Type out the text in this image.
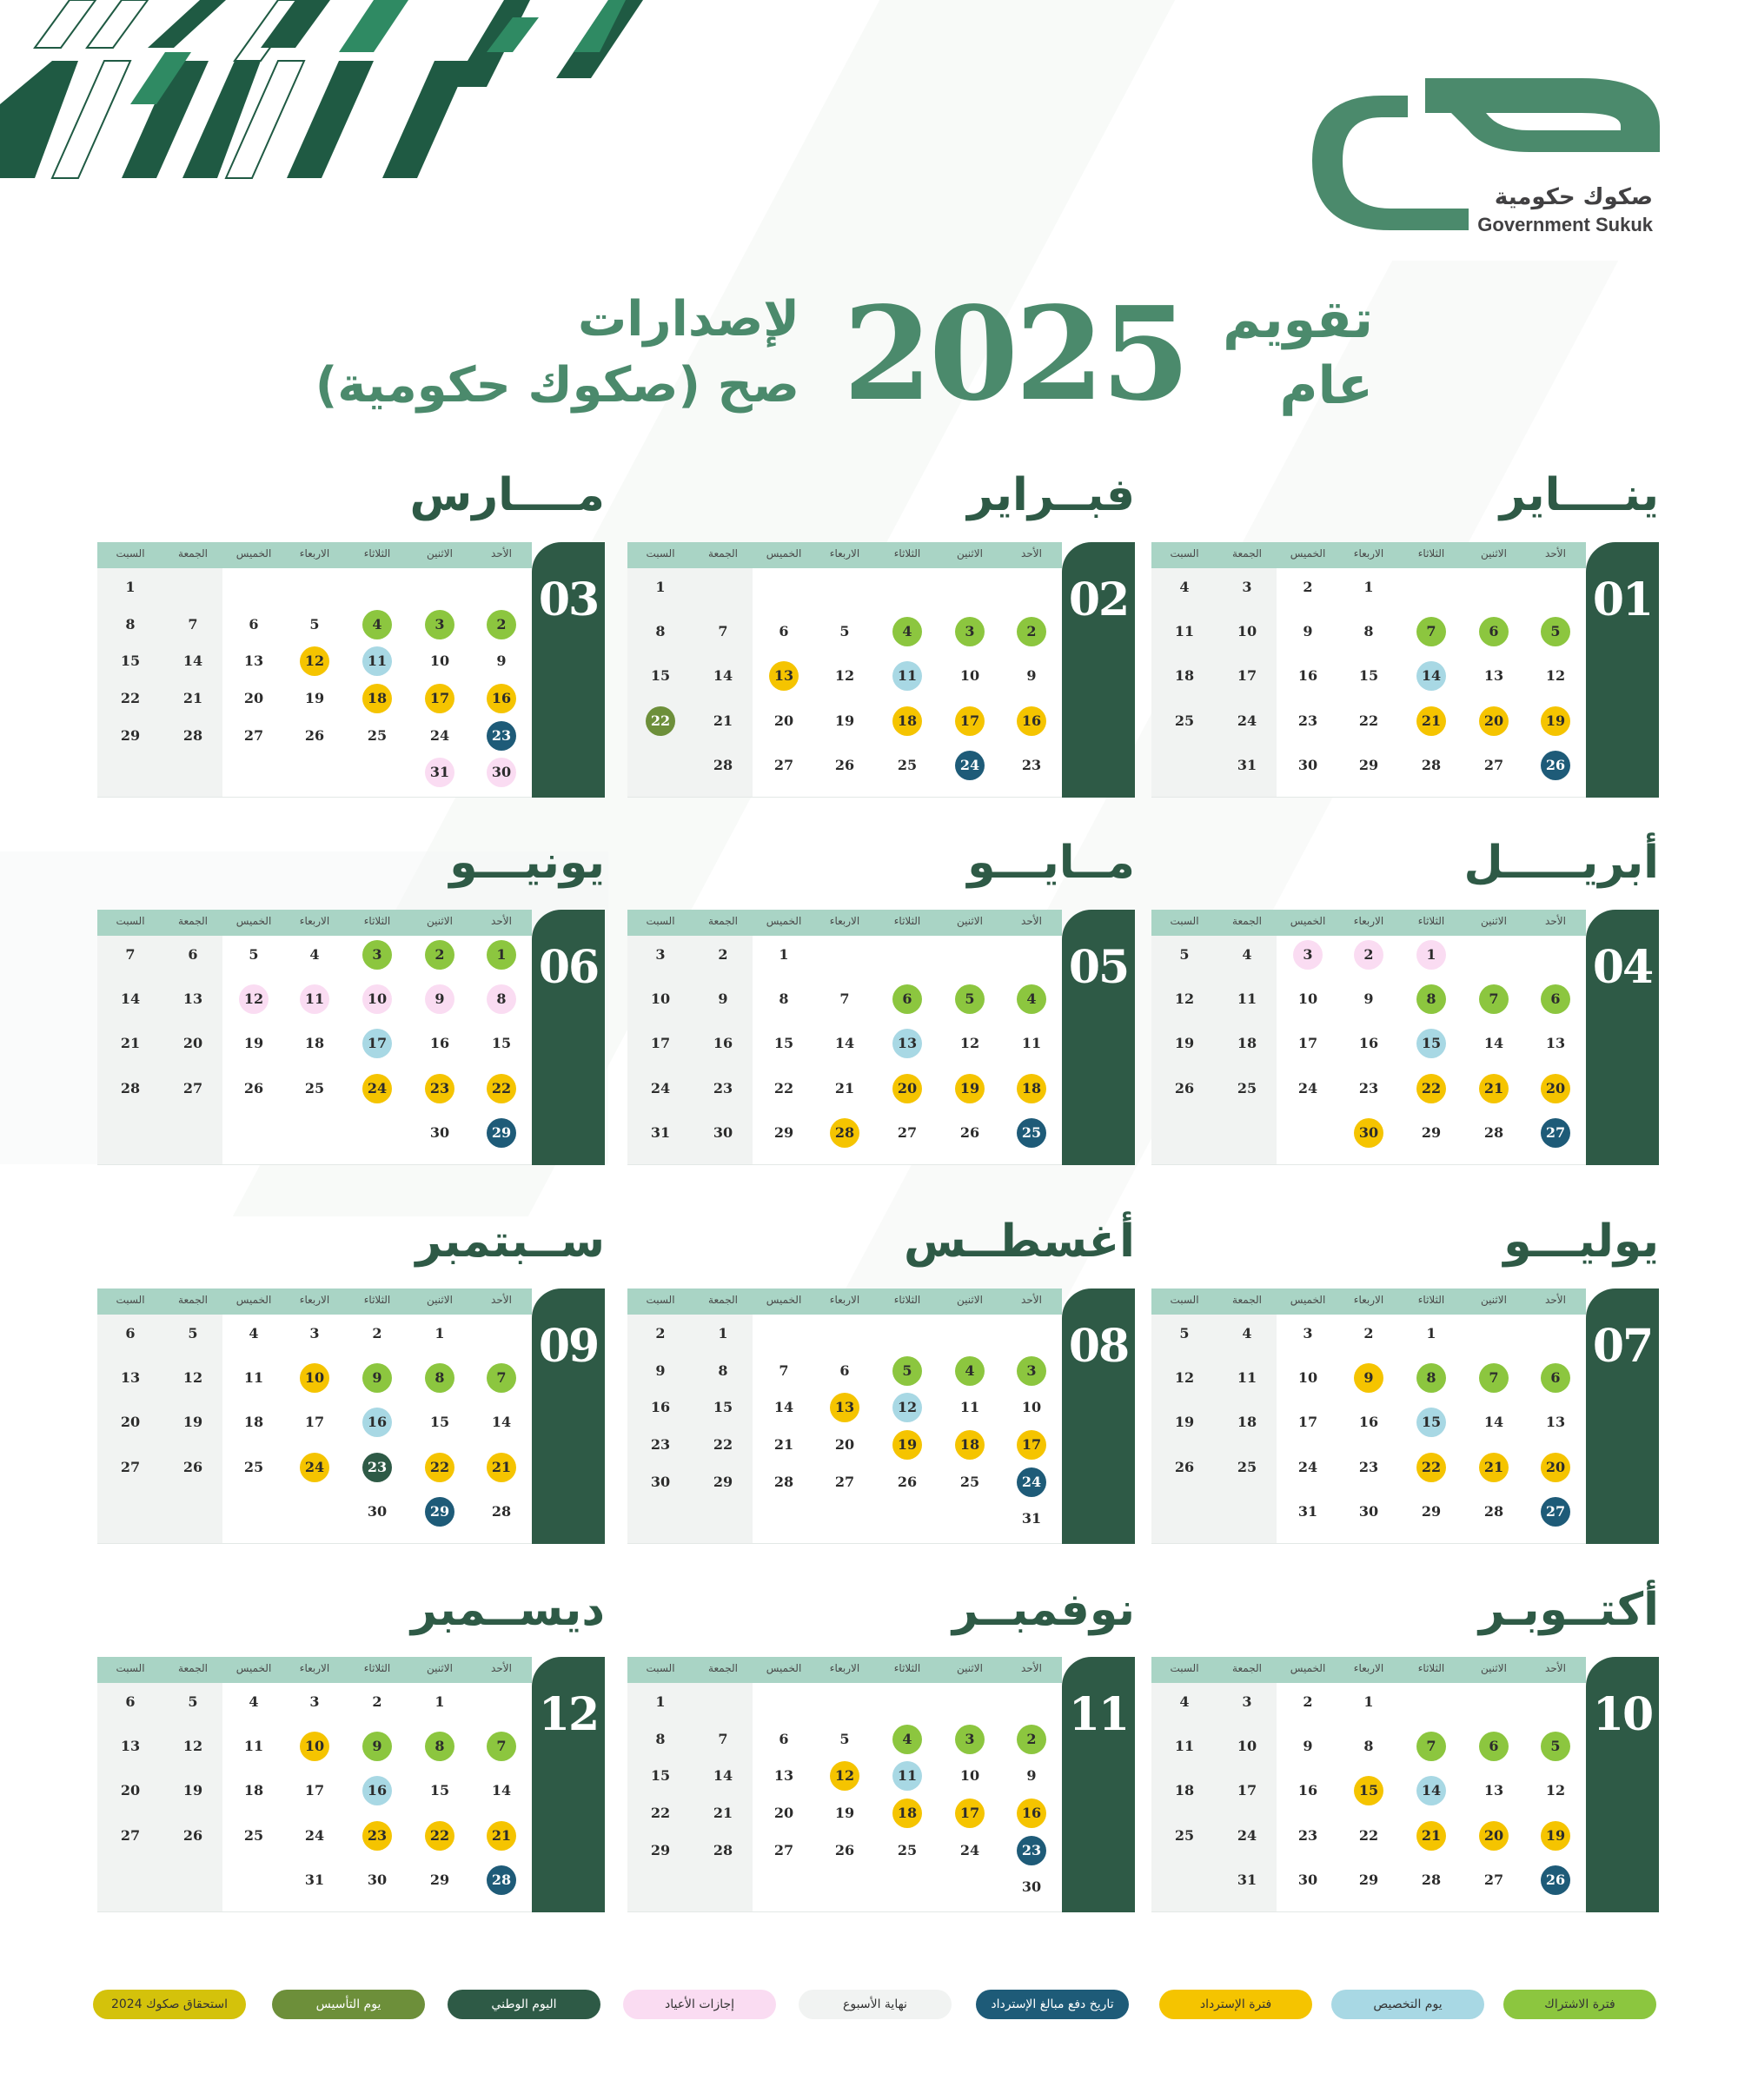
صكوك حكومية
Government Sukuk
تقويم
عام
2025
لإصدارات
صح (صكوك حكومية)
ينــــاير
الأحد
الاثنين
الثلاثاء
الاربعاء
الخميس
الجمعة
السبت
01
1
2
3
4
5
6
7
8
9
10
11
12
13
14
15
16
17
18
19
20
21
22
23
24
25
26
27
28
29
30
31
فبــراير
الأحد
الاثنين
الثلاثاء
الاربعاء
الخميس
الجمعة
السبت
02
1
2
3
4
5
6
7
8
9
10
11
12
13
14
15
16
17
18
19
20
21
22
23
24
25
26
27
28
مــــارس
الأحد
الاثنين
الثلاثاء
الاربعاء
الخميس
الجمعة
السبت
03
1
2
3
4
5
6
7
8
9
10
11
12
13
14
15
16
17
18
19
20
21
22
23
24
25
26
27
28
29
30
31
أبريـــــل
الأحد
الاثنين
الثلاثاء
الاربعاء
الخميس
الجمعة
السبت
04
1
2
3
4
5
6
7
8
9
10
11
12
13
14
15
16
17
18
19
20
21
22
23
24
25
26
27
28
29
30
مــايـــو
الأحد
الاثنين
الثلاثاء
الاربعاء
الخميس
الجمعة
السبت
05
1
2
3
4
5
6
7
8
9
10
11
12
13
14
15
16
17
18
19
20
21
22
23
24
25
26
27
28
29
30
31
يونيـــو
الأحد
الاثنين
الثلاثاء
الاربعاء
الخميس
الجمعة
السبت
06
1
2
3
4
5
6
7
8
9
10
11
12
13
14
15
16
17
18
19
20
21
22
23
24
25
26
27
28
29
30
يوليـــو
الأحد
الاثنين
الثلاثاء
الاربعاء
الخميس
الجمعة
السبت
07
1
2
3
4
5
6
7
8
9
10
11
12
13
14
15
16
17
18
19
20
21
22
23
24
25
26
27
28
29
30
31
أغسطــس
الأحد
الاثنين
الثلاثاء
الاربعاء
الخميس
الجمعة
السبت
08
1
2
3
4
5
6
7
8
9
10
11
12
13
14
15
16
17
18
19
20
21
22
23
24
25
26
27
28
29
30
31
ســبتمبر
الأحد
الاثنين
الثلاثاء
الاربعاء
الخميس
الجمعة
السبت
09
1
2
3
4
5
6
7
8
9
10
11
12
13
14
15
16
17
18
19
20
21
22
23
24
25
26
27
28
29
30
أكتــوبـر
الأحد
الاثنين
الثلاثاء
الاربعاء
الخميس
الجمعة
السبت
10
1
2
3
4
5
6
7
8
9
10
11
12
13
14
15
16
17
18
19
20
21
22
23
24
25
26
27
28
29
30
31
نوفمبــر
الأحد
الاثنين
الثلاثاء
الاربعاء
الخميس
الجمعة
السبت
11
1
2
3
4
5
6
7
8
9
10
11
12
13
14
15
16
17
18
19
20
21
22
23
24
25
26
27
28
29
30
ديســمبر
الأحد
الاثنين
الثلاثاء
الاربعاء
الخميس
الجمعة
السبت
12
1
2
3
4
5
6
7
8
9
10
11
12
13
14
15
16
17
18
19
20
21
22
23
24
25
26
27
28
29
30
31
فترة الاشتراك
يوم التخصيص
فترة الإسترداد
تاريخ دفع مبالغ الإسترداد
نهاية الأسبوع
إجازات الأعياد
اليوم الوطني
يوم التأسيس
استحقاق صكوك 2024
